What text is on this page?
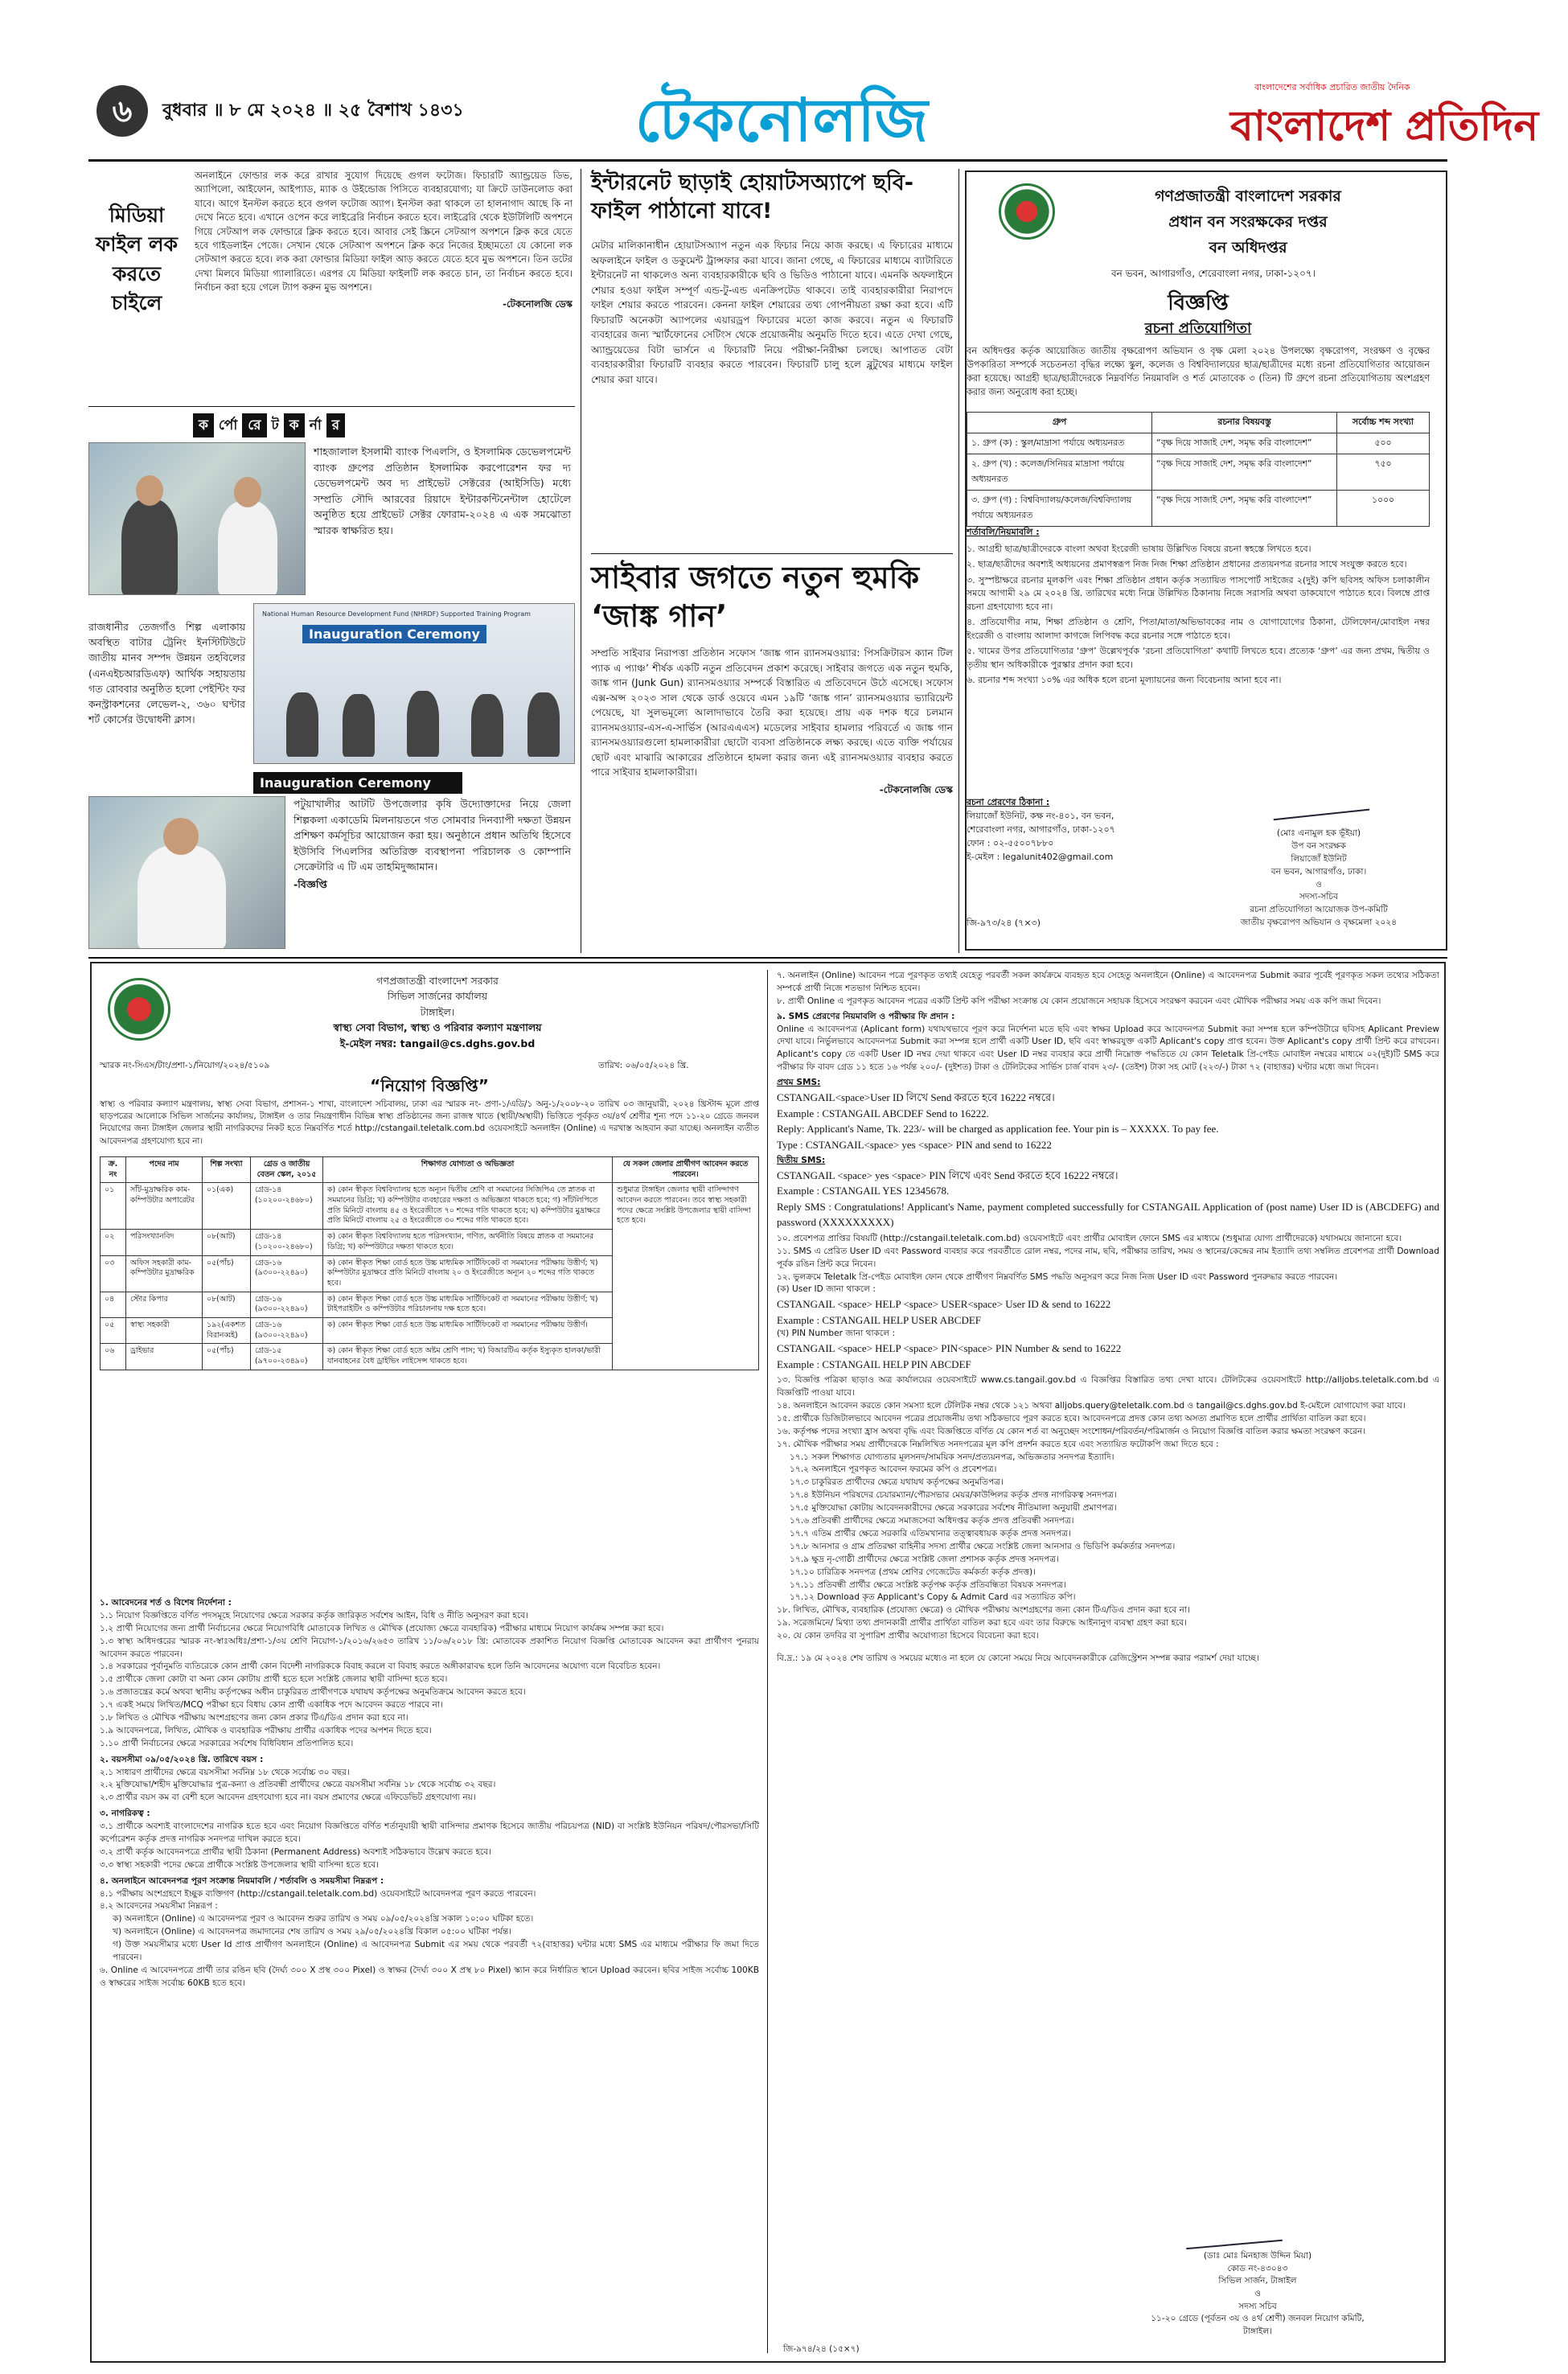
৬	বুধবার ॥ ৮ মে ২০২৪ ॥ ২৫ বৈশাখ ১৪৩১	টেকনোলজি	বাংলাদেশের সর্বাধিক প্রচারিত জাতীয় দৈনিক
বাংলাদেশ প্রতিদিন
মিডিয়া ফাইল লক করতে চাইলে

অনলাইনে ফোল্ডার লক করে রাখার সুযোগ দিয়েছে গুগল ফটোজ। ফিচারটি অ্যান্ড্রয়েড ডিভ, অ্যাপিলো, আইফোন, আইপ্যাড, ম্যাক ও উইন্ডোজ পিসিতে ব্যবহারযোগ্য; যা ক্রিটে ডাউনলোড করা যাবে। আগে ইনস্টল করতে হবে গুগল ফটোজ অ্যাপ। ইনস্টল করা থাকলে তা হালনাগাদ আছে কি না দেখে নিতে হবে। এখানে ওপেন করে লাইব্রেরি নির্বাচন করতে হবে। লাইব্রেরি থেকে ইউটিলিটি অপশনে গিয়ে সেটআপ লক ফোল্ডারে ক্লিক করতে হবে। আবার সেই স্ক্রিনে সেটআপ অপশনে ক্লিক করে যেতে হবে গাইডলাইন পেজে। সেখান থেকে সেটআপ অপশনে ক্লিক করে নিজের ইচ্ছামতো যে কোনো লক সেটআপ করতে হবে। লক করা ফোল্ডার মিডিয়া ফাইল আড় করতে যেতে হবে মুভ অপশনে। তিন ডটের দেখা মিলবে মিডিয়া গ্যালারিতে। এরপর যে মিডিয়া ফাইলটি লক করতে চান, তা নির্বাচন করতে হবে। নির্বাচন করা হয়ে গেলে ট্যাপ করুন মুভ অপশনে।

-টেকনোলজি ডেস্ক

ক র্পো রে ট ক র্না র
শাহজালাল ইসলামী ব্যাংক পিএলসি, ও ইসলামিক ডেভেলপমেন্ট ব্যাংক গ্রুপের প্রতিষ্ঠান ইসলামিক করপোরেশন ফর দ্য ডেভেলপমেন্ট অব দ্য প্রাইভেট সেক্টরের (আইসিডি) মধ্যে সম্প্রতি সৌদি আরবের রিয়াদে ইন্টারকন্টিনেন্টাল হোটেলে অনুষ্ঠিত হয়ে প্রাইভেট সেক্টর ফোরাম-২০২৪ এ এক সমঝোতা স্মারক স্বাক্ষরিত হয়।
রাজধানীর তেজগাঁও শিল্প এলাকায় অবস্থিত বাটার ট্রেনিং ইনস্টিটিউটে জাতীয় মানব সম্পদ উন্নয়ন তহবিলের (এনএইচআরডিএফ) আর্থিক সহায়তায় গত রোববার অনুষ্ঠিত হলো পেইন্টিং ফর কনস্ট্রাকশনের লেভেল-২, ৩৬০ ঘণ্টার শর্ট কোর্সের উদ্বোধনী ক্লাস।
National Human Resource Development Fund (NHRDF) Supported Training Program
Inauguration Ceremony
Inauguration Ceremony
পটুয়াখালীর আটটি উপজেলার কৃষি উদ্যোক্তাদের নিয়ে জেলা শিল্পকলা একাডেমি মিলনায়তনে গত সোমবার দিনব্যাপী দক্ষতা উন্নয়ন প্রশিক্ষণ কর্মসূচির আয়োজন করা হয়। অনুষ্ঠানে প্রধান অতিথি হিসেবে ইউসিবি পিএলসির অতিরিক্ত ব্যবস্থাপনা পরিচালক ও কোম্পানি সেক্রেটারি এ টি এম তাহমিদুজ্জামান।
-বিজ্ঞপ্তি
ইন্টারনেট ছাড়াই হোয়াটসঅ্যাপে ছবি-ফাইল পাঠানো যাবে!

মেটার মালিকানাধীন হোয়াটসঅ্যাপ নতুন এক ফিচার নিয়ে কাজ করছে। এ ফিচারের মাধ্যমে অফলাইনে ফাইল ও ডকুমেন্ট ট্রান্সফার করা যাবে। জানা গেছে, এ ফিচারের মাধ্যমে ব্যাটারিতে ইন্টারনেট না থাকলেও অন্য ব্যবহারকারীকে ছবি ও ভিডিও পাঠানো যাবে। এমনকি অফলাইনে শেয়ার হওয়া ফাইল সম্পূর্ণ এন্ড-টু-এন্ড এনক্রিপটেড থাকবে। তাই ব্যবহারকারীরা নিরাপদে ফাইল শেয়ার করতে পারবেন। কেননা ফাইল শেয়ারের তথ্য গোপনীয়তা রক্ষা করা হবে। এটি ফিচারটি অনেকটা অ্যাপলের এয়ারড্রপ ফিচারের মতো কাজ করবে। নতুন এ ফিচারটি ব্যবহারের জন্য স্মার্টফোনের সেটিংস থেকে প্রয়োজনীয় অনুমতি দিতে হবে। এতে দেখা গেছে, অ্যান্ড্রয়েডের বিটা ভার্সনে এ ফিচারটি নিয়ে পরীক্ষা-নিরীক্ষা চলছে। আপাতত বেটা ব্যবহারকারীরা ফিচারটি ব্যবহার করতে পারবেন। ফিচারটি চালু হলে ব্লুটুথের মাধ্যমে ফাইল শেয়ার করা যাবে।

সাইবার জগতে নতুন হুমকি ‘জাঙ্ক গান’

সম্প্রতি সাইবার নিরাপত্তা প্রতিষ্ঠান সফোস ‘জাঙ্ক গান র‍্যানসমওয়্যার: পিসক্রিটারস ক্যান টিল প্যাক এ প্যাঞ্চ’ শীর্ষক একটি নতুন প্রতিবেদন প্রকাশ করেছে। সাইবার জগতে এক নতুন হুমকি, জাঙ্ক গান (Junk Gun) র‍্যানসমওয়্যার সম্পর্কে বিস্তারিত এ প্রতিবেদনে উঠে এসেছে। সফোস এক্স-অপ্স ২০২৩ সাল থেকে ডার্ক ওয়েবে এমন ১৯টি ‘জাঙ্ক গান’ র‍্যানসমওয়্যার ভ্যারিয়েন্ট পেয়েছে, যা সুলভমূল্যে আলাদাভাবে তৈরি করা হয়েছে। প্রায় এক দশক ধরে চলমান র‍্যানসমওয়্যার-এস-এ-সার্ভিস (আরএএএস) মডেলের সাইবার হামলার পরিবর্তে এ জাঙ্ক গান র‍্যানসমওয়্যারগুলো হামলাকারীরা ছোটো ব্যবসা প্রতিষ্ঠানকে লক্ষ্য করছে। এতে ব্যক্তি পর্যায়ের ছোট এবং মাঝারি আকারের প্রতিষ্ঠানে হামলা করার জন্য এই র‍্যানসমওয়্যার ব্যবহার করতে পারে সাইবার হামলাকারীরা।

-টেকনোলজি ডেস্ক

গণপ্রজাতন্ত্রী বাংলাদেশ সরকার
প্রধান বন সংরক্ষকের দপ্তর
বন অধিদপ্তর
বন ভবন, আগারগাঁও, শেরেবাংলা নগর, ঢাকা-১২০৭।
বিজ্ঞপ্তি
রচনা প্রতিযোগিতা
বন অধিদপ্তর কর্তৃক আয়োজিত জাতীয় বৃক্ষরোপণ অভিযান ও বৃক্ষ মেলা ২০২৪ উপলক্ষ্যে বৃক্ষরোপণ, সংরক্ষণ ও বৃক্ষের উপকারিতা সম্পর্কে সচেতনতা বৃদ্ধির লক্ষ্যে স্কুল, কলেজ ও বিশ্ববিদ্যালয়ের ছাত্র/ছাত্রীদের মধ্যে রচনা প্রতিযোগিতার আয়োজন করা হয়েছে। আগ্রহী ছাত্র/ছাত্রীদেরকে নিম্নবর্ণিত নিয়মাবলি ও শর্ত মোতাবেক ৩ (তিন) টি গ্রুপে রচনা প্রতিযোগিতায় অংশগ্রহণ করার জন্য অনুরোধ করা হচ্ছে।
গ্রুপ	রচনার বিষয়বস্তু	সর্বোচ্চ শব্দ সংখ্যা
১. গ্রুপ (ক) : স্কুল/মাদ্রাসা পর্যায়ে অধ্যয়নরত	“বৃক্ষ দিয়ে সাজাই দেশ, সমৃদ্ধ করি বাংলাদেশ”	৫০০
২. গ্রুপ (খ) : কলেজ/সিনিয়র মাদ্রাসা পর্যায়ে অধ্যয়নরত	“বৃক্ষ দিয়ে সাজাই দেশ, সমৃদ্ধ করি বাংলাদেশ”	৭৫০
৩. গ্রুপ (গ) : বিশ্ববিদ্যালয়/কলেজ/বিশ্ববিদ্যালয় পর্যায়ে অধ্যয়নরত	“বৃক্ষ দিয়ে সাজাই দেশ, সমৃদ্ধ করি বাংলাদেশ”	১০০০
শর্তাবলি/নিয়মাবলি :
১. আগ্রহী ছাত্র/ছাত্রীদেরকে বাংলা অথবা ইংরেজী ভাষায় উল্লিখিত বিষয়ে রচনা স্বহস্তে লিখতে হবে।
২. ছাত্র/ছাত্রীদের অবশ্যই অধ্যয়নের প্রমাণস্বরূপ নিজ নিজ শিক্ষা প্রতিষ্ঠান প্রধানের প্রত্যয়নপত্র রচনার সাথে সংযুক্ত করতে হবে।
৩. সুস্পষ্টাক্ষরে রচনার মূলকপি এবং শিক্ষা প্রতিষ্ঠান প্রধান কর্তৃক সত্যায়িত পাসপোর্ট সাইজের ২(দুই) কপি ছবিসহ অফিস চলাকালীন সময়ে আগামী ২৯ মে ২০২৪ খ্রি. তারিখের মধ্যে নিম্নে উল্লিখিত ঠিকানায় নিজে সরাসরি অথবা ডাকযোগে পাঠাতে হবে। বিলম্বে প্রাপ্ত রচনা গ্রহণযোগ্য হবে না।
৪. প্রতিযোগীর নাম, শিক্ষা প্রতিষ্ঠান ও শ্রেণি, পিতা/মাতা/অভিভাবকের নাম ও যোগাযোগের ঠিকানা, টেলিফোন/মোবাইল নম্বর ইংরেজী ও বাংলায় আলাদা কাগজে লিপিবদ্ধ করে রচনার সঙ্গে পাঠাতে হবে।
৫. খামের উপর প্রতিযোগিতার ‘গ্রুপ’ উল্লেখপূর্বক ‘রচনা প্রতিযোগিতা’ কথাটি লিখতে হবে। প্রত্যেক ‘গ্রুপ’ এর জন্য প্রথম, দ্বিতীয় ও তৃতীয় স্থান অধিকারীকে পুরস্কার প্রদান করা হবে।
৬. রচনার শব্দ সংখ্যা ১০% এর অধিক হলে রচনা মূল্যায়নের জন্য বিবেচনায় আনা হবে না।
রচনা প্রেরণের ঠিকানা :
লিয়াজোঁ ইউনিট, কক্ষ নং-৪০১, বন ভবন,
শেরেবাংলা নগর, আগারগাঁও, ঢাকা-১২০৭
ফোন : ০২-৫৫০০৭৮৮০
ই-মেইল : legalunit402@gmail.com
(মোঃ এনামুল হক ভূঁইয়া)
উপ বন সংরক্ষক
লিয়াজোঁ ইউনিট
বন ভবন, আগারগাঁও, ঢাকা।
ও
সদস্য-সচিব
রচনা প্রতিযোগিতা আয়োজক উপ-কমিটি
জাতীয় বৃক্ষরোপণ অভিযান ও বৃক্ষমেলা ২০২৪
জি-৯৭৩/২৪ (৭×৩)
গণপ্রজাতন্ত্রী বাংলাদেশ সরকার
সিভিল সার্জনের কার্যালয়
টাঙ্গাইল।
স্বাস্থ্য সেবা বিভাগ, স্বাস্থ্য ও পরিবার কল্যাণ মন্ত্রণালয়
ই-মেইল নম্বর: tangail@cs.dghs.gov.bd
স্মারক নং-সিএস/টাং/প্রশা-১/নিয়োগ/২০২৪/৫১০৯	তারিখ: ০৬/০৫/২০২৪ খ্রি.
“নিয়োগ বিজ্ঞপ্তি”
স্বাস্থ্য ও পরিবার কল্যাণ মন্ত্রণালয়, স্বাস্থ্য সেবা বিভাগ, প্রশাসন-১ শাখা, বাংলাদেশ সচিবালয়, ঢাকা এর স্মারক নং- প্রণা-১/এডি/১ অনু-১/২০০৮-২০ তারিখ ০৩ জানুয়ারী, ২০২৪ খ্রিস্টাব্দ মূলে প্রাপ্ত ছাড়পত্রের আলোকে সিভিল সার্জনের কার্যালয়, টাঙ্গাইল ও তার নিয়ন্ত্রণাধীন বিভিন্ন স্বাস্থ্য প্রতিষ্ঠানের জন্য রাজস্ব খাতে (স্থায়ী/অস্থায়ী) ভিত্তিতে পূর্বকৃত ৩য়/৪র্থ শ্রেণীর শূন্য পদে ১১-২০ গ্রেডে জনবল নিয়োগের জন্য টাঙ্গাইল জেলার স্থায়ী নাগরিকদের নিকট হতে নিম্নবর্ণিত শর্তে http://cstangail.teletalk.com.bd ওয়েবসাইটে অনলাইন (Online) এ দরখাস্ত আহবান করা যাচ্ছে। অনলাইন ব্যতীত আবেদনপত্র গ্রহণযোগ্য হবে না।
ক্র. নং	পদের নাম	শিল্প সংখ্যা	গ্রেড ও জাতীয় বেতন স্কেল, ২০১৫	শিক্ষাগত যোগ্যতা ও অভিজ্ঞতা	যে সকল জেলার প্রার্থীগণ আবেদন করতে পারবেন।
০১	সাঁট-মুদ্রাক্ষরিক কাম-কম্পিউটার অপারেটর	০১(এক)	গ্রেড-১৪ (১০২০০-২৪৬৮০)	ক) কোন স্বীকৃত বিশ্ববিদ্যালয় হতে অন্যূন দ্বিতীয় শ্রেণি বা সমমানের সিজিপিএ তে স্নাতক বা সমমানের ডিগ্রি; খ) কম্পিউটার ব্যবহারের দক্ষতা ও অভিজ্ঞতা থাকতে হবে; গ) সাঁটলিপিতে প্রতি মিনিটে বাংলায় ৪৫ ও ইংরেজীতে ৭০ শব্দের গতি থাকতে হবে; ঘ) কম্পিউটার মুদ্রাক্ষরে প্রতি মিনিটে বাংলায় ২৫ ও ইংরেজীতে ৩০ শব্দের গতি থাকতে হবে।	শুধুমাত্র টাঙ্গাইল জেলার স্থায়ী বাসিন্দাগণ আবেদন করতে পারবেন। তবে স্বাস্থ্য সহকারী পদের ক্ষেত্রে সংশ্লিষ্ট উপজেলার স্থায়ী বাসিন্দা হতে হবে।
০২	পরিসংখ্যানবিদ	০৮(আট)	গ্রেড-১৪ (১০২০০-২৪৬৮০)	ক) কোন স্বীকৃত বিশ্ববিদ্যালয় হতে পরিসংখ্যান, গণিত, অর্থনীতি বিষয়ে স্নাতক বা সমমানের ডিগ্রি; খ) কম্পিউটারে দক্ষতা থাকতে হবে।	
০৩	অফিস সহকারী কাম-কম্পিউটার মুদ্রাক্ষরিক	০৫(পাঁচ)	গ্রেড-১৬ (৯৩০০-২২৪৯০)	ক) কোন স্বীকৃত শিক্ষা বোর্ড হতে উচ্চ মাধ্যমিক সার্টিফিকেট বা সমমানের পরীক্ষায় উত্তীর্ণ; খ) কম্পিউটার মুদ্রাক্ষরে প্রতি মিনিটে বাংলায় ২০ ও ইংরেজীতে অন্যূন ২০ শব্দের গতি থাকতে হবে।	
০৪	স্টোর কিপার	০৮(আট)	গ্রেড-১৬ (৯৩০০-২২৪৯০)	ক) কোন স্বীকৃত শিক্ষা বোর্ড হতে উচ্চ মাধ্যমিক সার্টিফিকেট বা সমমানের পরীক্ষায় উত্তীর্ণ; খ) টাইপরাইটিং ও কম্পিউটার পরিচালনায় দক্ষ হতে হবে।	
০৫	স্বাস্থ্য সহকারী	১৯২(একশত বিরানব্বই)	গ্রেড-১৬ (৯৩০০-২২৪৯০)	ক) কোন স্বীকৃত শিক্ষা বোর্ড হতে উচ্চ মাধ্যমিক সার্টিফিকেট বা সমমানের পরীক্ষায় উত্তীর্ণ।	
০৬	ড্রাইভার	০৫(পাঁচ)	গ্রেড-১৫ (৯৭০০-২৩৪৯০)	ক) কোন স্বীকৃত শিক্ষা বোর্ড হতে অষ্টম শ্রেণি পাস; খ) বিআরটিএ কর্তৃক ইস্যুকৃত হালকা/ভারী যানবাহনের বৈধ ড্রাইভিং লাইসেন্স থাকতে হবে।	
১. আবেদনের শর্ত ও বিশেষ নির্দেশনা :
১.১ নিয়োগ বিজ্ঞপ্তিতে বর্ণিত পদসমূহে নিয়োগের ক্ষেত্রে সরকার কর্তৃক জারিকৃত সর্বশেষ আইন, বিধি ও নীতি অনুসরণ করা হবে।
১.২ প্রার্থী নিয়োগের জন্য প্রার্থী নির্বাচনের ক্ষেত্রে নিয়োগবিধি মোতাবেক লিখিত ও মৌখিক (প্রযোজ্য ক্ষেত্রে ব্যবহারিক) পরীক্ষার মাধ্যমে নিয়োগ কার্যক্রম সম্পন্ন করা হবে।
১.৩ স্বাস্থ্য অধিদপ্তরের স্মারক নং-স্বাঃঅধিঃ/প্রশা-১/৩য় শ্রেণি নিয়োগ-১/২০১৬/২৬৫৩ তারিখ ১১/০৬/২০১৮ খ্রি: মোতাবেক প্রকাশিত নিয়োগ বিজ্ঞপ্তি মোতাবেক আবেদন করা প্রার্থীগণ পুনরায় আবেদন করতে পারবেন।
১.৪ সরকারের পূর্বানুমতি ব্যতিরেকে কোন প্রার্থী কোন বিদেশী নাগরিককে বিবাহ করলে বা বিবাহ করতে অঙ্গীকারাবদ্ধ হলে তিনি আবেদনের অযোগ্য বলে বিবেচিত হবেন।
১.৫ প্রার্থীকে জেলা কোটা বা অন্য কোন কোটায় প্রার্থী হতে হলে সংশ্লিষ্ট জেলার স্থায়ী বাসিন্দা হতে হবে।
১.৬ প্রজাতন্ত্রের কর্মে অথবা স্থানীয় কর্তৃপক্ষের অধীন চাকুরিরত প্রার্থীগণকে যথাযথ কর্তৃপক্ষের অনুমতিক্রমে আবেদন করতে হবে।
১.৭ একই সময়ে লিখিত/MCQ পরীক্ষা হবে বিধায় কোন প্রার্থী একাধিক পদে আবেদন করতে পারবে না।
১.৮ লিখিত ও মৌখিক পরীক্ষায় অংশগ্রহণের জন্য কোন প্রকার টিএ/ডিএ প্রদান করা হবে না।
১.৯ আবেদনপত্রে, লিখিত, মৌখিক ও ব্যবহারিক পরীক্ষায় প্রার্থীর একাধিক পদের অপশন দিতে হবে।
১.১০ প্রার্থী নির্বাচনের ক্ষেত্রে সরকারের সর্বশেষ বিধিবিধান প্রতিপালিত হবে।
২. বয়সসীমা ০৯/০৫/২০২৪ খ্রি. তারিখে বয়স :
২.১ সাধারণ প্রার্থীদের ক্ষেত্রে বয়সসীমা সর্বনিম্ন ১৮ থেকে সর্বোচ্চ ৩০ বছর।
২.২ মুক্তিযোদ্ধা/শহীদ মুক্তিযোদ্ধার পুত্র-কন্যা ও প্রতিবন্ধী প্রার্থীদের ক্ষেত্রে বয়সসীমা সর্বনিম্ন ১৮ থেকে সর্বোচ্চ ৩২ বছর।
২.৩ প্রার্থীর বয়স কম বা বেশী হলে আবেদন গ্রহণযোগ্য হবে না। বয়স প্রমাণের ক্ষেত্রে এফিডেভিট গ্রহণযোগ্য নয়।
৩. নাগরিকত্ব :
৩.১ প্রার্থীকে অবশ্যই বাংলাদেশের নাগরিক হতে হবে এবং নিয়োগ বিজ্ঞপ্তিতে বর্ণিত শর্তানুযায়ী স্থায়ী বাসিন্দার প্রমাণক হিসেবে জাতীয় পরিচয়পত্র (NID) বা সংশ্লিষ্ট ইউনিয়ন পরিষদ/পৌরসভা/সিটি কর্পোরেশন কর্তৃক প্রদত্ত নাগরিক সনদপত্র দাখিল করতে হবে।
৩.২ প্রার্থী কর্তৃক আবেদনপত্রে প্রার্থীর স্থায়ী ঠিকানা (Permanent Address) অবশ্যই সঠিকভাবে উল্লেখ করতে হবে।
৩.৩ স্বাস্থ্য সহকারী পদের ক্ষেত্রে প্রার্থীকে সংশ্লিষ্ট উপজেলার স্থায়ী বাসিন্দা হতে হবে।
৪. অনলাইনে আবেদনপত্র পূরণ সংক্রান্ত নিয়মাবলি / শর্তাবলি ও সময়সীমা নিম্নরূপ :
৪.১ পরীক্ষায় অংশগ্রহণে ইচ্ছুক ব্যক্তিগণ (http://cstangail.teletalk.com.bd) ওয়েবসাইটে আবেদনপত্র পূরণ করতে পারবেন।
৪.২ আবেদনের সময়সীমা নিম্নরূপ :
ক) অনলাইনে (Online) এ আবেদনপত্র পূরণ ও আবেদন শুরুর তারিখ ও সময় ০৯/০৫/২০২৪খ্রি সকাল ১০:০০ ঘটিকা হতে।
খ) অনলাইনে (Online) এ আবেদনপত্র জমাদানের শেষ তারিখ ও সময় ২৯/০৫/২০২৪খ্রি বিকাল ০৫:০০ ঘটিকা পর্যন্ত।
গ) উক্ত সময়সীমার মধ্যে User Id প্রাপ্ত প্রার্থীগণ অনলাইনে (Online) এ আবেদনপত্র Submit এর সময় থেকে পরবর্তী ৭২(বাহাত্তর) ঘন্টার মধ্যে SMS এর মাধ্যমে পরীক্ষার ফি জমা দিতে পারবেন।
৬. Online এ আবেদনপত্রে প্রার্থী তার রঙিন ছবি (দৈর্ঘ্য ৩০০ X প্রস্থ ৩০০ Pixel) ও স্বাক্ষর (দৈর্ঘ্য ৩০০ X প্রস্থ ৮০ Pixel) স্ক্যান করে নির্ধারিত স্থানে Upload করবেন। ছবির সাইজ সর্বোচ্চ 100KB ও স্বাক্ষরের সাইজ সর্বোচ্চ 60KB হতে হবে।
৭. অনলাইন (Online) আবেদন পত্রে পূরণকৃত তথ্যই যেহেতু পরবর্তী সকল কার্যক্রমে ব্যবহৃত হবে সেহেতু অনলাইনে (Online) এ আবেদনপত্র Submit করার পূর্বেই পূরণকৃত সকল তথ্যের সঠিকতা সম্পর্কে প্রার্থী নিজে শতভাগ নিশ্চিত হবেন।
৮. প্রার্থী Online এ পূরণকৃত আবেদন পত্রের একটি প্রিন্ট কপি পরীক্ষা সংক্রান্ত যে কোন প্রয়োজনে সহায়ক হিসেবে সংরক্ষণ করবেন এবং মৌখিক পরীক্ষার সময় এক কপি জমা দিবেন।
৯. SMS প্রেরণের নিয়মাবলি ও পরীক্ষার ফি প্রদান :
Online এ আবেদনপত্র (Aplicant form) যথাযথভাবে পূরণ করে নির্দেশনা মতে ছবি এবং স্বাক্ষর Upload করে আবেদনপত্র Submit করা সম্পন্ন হলে কম্পিউটারে ছবিসহ Aplicant Preview দেখা যাবে। নির্ভুলভাবে আবেদনপত্র Submit করা সম্পন্ন হলে প্রার্থী একটি User ID, ছবি এবং স্বাক্ষরযুক্ত একটি Aplicant's copy প্রাপ্ত হবেন। উক্ত Aplicant's copy প্রার্থী প্রিন্ট করে রাখবেন। Aplicant's copy তে একটি User ID নম্বর দেয়া থাকবে এবং User ID নম্বর ব্যবহার করে প্রার্থী নিম্নোক্ত পদ্ধতিতে যে কোন Teletalk প্রি-পেইড মোবাইল নম্বরের মাধ্যমে ০২(দুই)টি SMS করে পরীক্ষার ফি বাবদ গ্রেড ১১ হতে ১৬ পর্যন্ত ২০০/- (দুইশত) টাকা ও টেলিটকের সার্ভিস চার্জ বাবদ ২৩/- (তেইশ) টাকা সহ মোট (২২৩/-) টাকা ৭২ (বাহাত্তর) ঘণ্টার মধ্যে জমা দিবেন।
প্রথম SMS:
CSTANGAIL<space>User ID লিখে Send করতে হবে 16222 নম্বরে।
Example : CSTANGAIL ABCDEF Send to 16222.
Reply: Applicant's Name, Tk. 223/- will be charged as application fee. Your pin is – XXXXX. To pay fee.
Type : CSTANGAIL<space> yes <space> PIN and send to 16222
দ্বিতীয় SMS:
CSTANGAIL <space> yes <space> PIN লিখে এবং Send করতে হবে 16222 নম্বরে।
Example : CSTANGAIL YES 12345678.
Reply SMS : Congratulations! Applicant's Name, payment completed successfully for CSTANGAIL Application of (post name) User ID is (ABCDEFG) and password (XXXXXXXXX)
১০. প্রবেশপত্র প্রাপ্তির বিষয়টি (http://cstangail.teletalk.com.bd) ওয়েবসাইটে এবং প্রার্থীর মোবাইল ফোনে SMS এর মাধ্যমে (শুধুমাত্র যোগ্য প্রার্থীদেরকে) যথাসময়ে জানানো হবে।
১১. SMS এ প্রেরিত User ID এবং Password ব্যবহার করে পরবর্তীতে রোল নম্বর, পদের নাম, ছবি, পরীক্ষার তারিখ, সময় ও স্থানের/কেন্দ্রের নাম ইত্যাদি তথ্য সম্বলিত প্রবেশপত্র প্রার্থী Download পূর্বক রঙিন প্রিন্ট করে নিবেন।
১২. ভুলক্রমে Teletalk প্রি-পেইড মোবাইল ফোন থেকে প্রার্থীগণ নিম্নবর্ণিত SMS পদ্ধতি অনুসরণ করে নিজ নিজ User ID এবং Password পুনরুদ্ধার করতে পারবেন।
(ক) User ID জানা থাকলে :
CSTANGAIL <space> HELP <space> USER<space> User ID & send to 16222
Example : CSTANGAIL HELP USER ABCDEF
(খ) PIN Number জানা থাকলে :
CSTANGAIL <space> HELP <space> PIN<space> PIN Number & send to 16222
Example : CSTANGAIL HELP PIN ABCDEF
১৩. বিজ্ঞপ্তি পত্রিকা ছাড়াও অত্র কার্যালয়ের ওয়েবসাইটে www.cs.tangail.gov.bd এ বিজ্ঞপ্তির বিস্তারিত তথ্য দেখা যাবে। টেলিটকের ওয়েবসাইটে http://alljobs.teletalk.com.bd এ বিজ্ঞপ্তিটি পাওয়া যাবে।
১৪. অনলাইনে আবেদন করতে কোন সমস্যা হলে টেলিটক নম্বর থেকে ১২১ অথবা alljobs.query@teletalk.com.bd ও tangail@cs.dghs.gov.bd ই-মেইলে যোগাযোগ করা যাবে।
১৫. প্রার্থীকে ডিজিটালভাবে আবেদন পত্রের প্রয়োজনীয় তথ্য সঠিকভাবে পূরণ করতে হবে। আবেদনপত্রে প্রদত্ত কোন তথ্য অসত্য প্রমাণিত হলে প্রার্থীর প্রার্থিতা বাতিল করা হবে।
১৬. কর্তৃপক্ষ পদের সংখ্যা হ্রাস অথবা বৃদ্ধি এবং বিজ্ঞপ্তিতে বর্ণিত যে কোন শর্ত বা অনুচ্ছেদ সংশোধন/পরিবর্তন/পরিমার্জন ও নিয়োগ বিজ্ঞপ্তি বাতিল করার ক্ষমতা সংরক্ষণ করেন।
১৭. মৌখিক পরীক্ষার সময় প্রার্থীদেরকে নিম্নলিখিত সনদপত্রের মূল কপি প্রদর্শন করতে হবে এবং সত্যায়িত ফটোকপি জমা দিতে হবে :
১৭.১ সকল শিক্ষাগত যোগ্যতার মূলসনদ/সাময়িক সনদ/প্রত্যয়নপত্র, অভিজ্ঞতার সনদপত্র ইত্যাদি।
১৭.২ অনলাইনে পূরণকৃত আবেদন ফরমের কপি ও প্রবেশপত্র।
১৭.৩ চাকুরিরত প্রার্থীদের ক্ষেত্রে যথাযথ কর্তৃপক্ষের অনুমতিপত্র।
১৭.৪ ইউনিয়ন পরিষদের চেয়ারম্যান/পৌরসভার মেয়র/কাউন্সিলর কর্তৃক প্রদত্ত নাগরিকত্ব সনদপত্র।
১৭.৫ মুক্তিযোদ্ধা কোটায় আবেদনকারীদের ক্ষেত্রে সরকারের সর্বশেষ নীতিমালা অনুযায়ী প্রমাণপত্র।
১৭.৬ প্রতিবন্ধী প্রার্থীদের ক্ষেত্রে সমাজসেবা অধিদপ্তর কর্তৃক প্রদত্ত প্রতিবন্ধী সনদপত্র।
১৭.৭ এতিম প্রার্থীর ক্ষেত্রে সরকারি এতিমখানার তত্ত্বাবধায়ক কর্তৃক প্রদত্ত সনদপত্র।
১৭.৮ আনসার ও গ্রাম প্রতিরক্ষা বাহিনীর সদস্য প্রার্থীর ক্ষেত্রে সংশ্লিষ্ট জেলা আনসার ও ভিডিপি কর্মকর্তার সনদপত্র।
১৭.৯ ক্ষুদ্র নৃ-গোষ্ঠী প্রার্থীদের ক্ষেত্রে সংশ্লিষ্ট জেলা প্রশাসক কর্তৃক প্রদত্ত সনদপত্র।
১৭.১০ চারিত্রিক সনদপত্র (প্রথম শ্রেণির গেজেটেড কর্মকর্তা কর্তৃক প্রদত্ত)।
১৭.১১ প্রতিবন্ধী প্রার্থীর ক্ষেত্রে সংশ্লিষ্ট কর্তৃপক্ষ কর্তৃক প্রতিবন্ধিতা বিষয়ক সনদপত্র।
১৭.১২ Download কৃত Applicant's Copy & Admit Card এর সত্যায়িত কপি।
১৮. লিখিত, মৌখিক, ব্যবহারিক (প্রযোজ্য ক্ষেত্রে) ও মৌখিক পরীক্ষায় অংশগ্রহণের জন্য কোন টিএ/ডিএ প্রদান করা হবে না।
১৯. সরেজমিনে/ মিথ্যা তথ্য প্রদানকারী প্রার্থীর প্রার্থিতা বাতিল করা হবে এবং তার বিরুদ্ধে আইনানুগ ব্যবস্থা গ্রহণ করা হবে।
২০. যে কোন তদবির বা সুপারিশ প্রার্থীর অযোগ্যতা হিসেবে বিবেচনা করা হবে।
বি.দ্র.: ১৯ মে ২০২৪ শেষ তারিখ ও সময়ের মধ্যেও না হলে যে কোনো সময়ে নিয়ে আবেদনকারীকে রেজিস্ট্রেশন সম্পন্ন করার পরামর্শ দেয়া যাচ্ছে।
(ডাঃ মোঃ মিনহাজ উদ্দিন মিয়া)
কোড নং-৪৩০৪৩
সিভিল সার্জন, টাঙ্গাইল
ও
সদস্য সচিব
১১-২০ গ্রেডে (পূর্বতন ৩য় ও ৪র্থ শ্রেণী) জনবল নিয়োগ কমিটি,
টাঙ্গাইল।
জি-৯৭৪/২৪ (১৫×৭)
